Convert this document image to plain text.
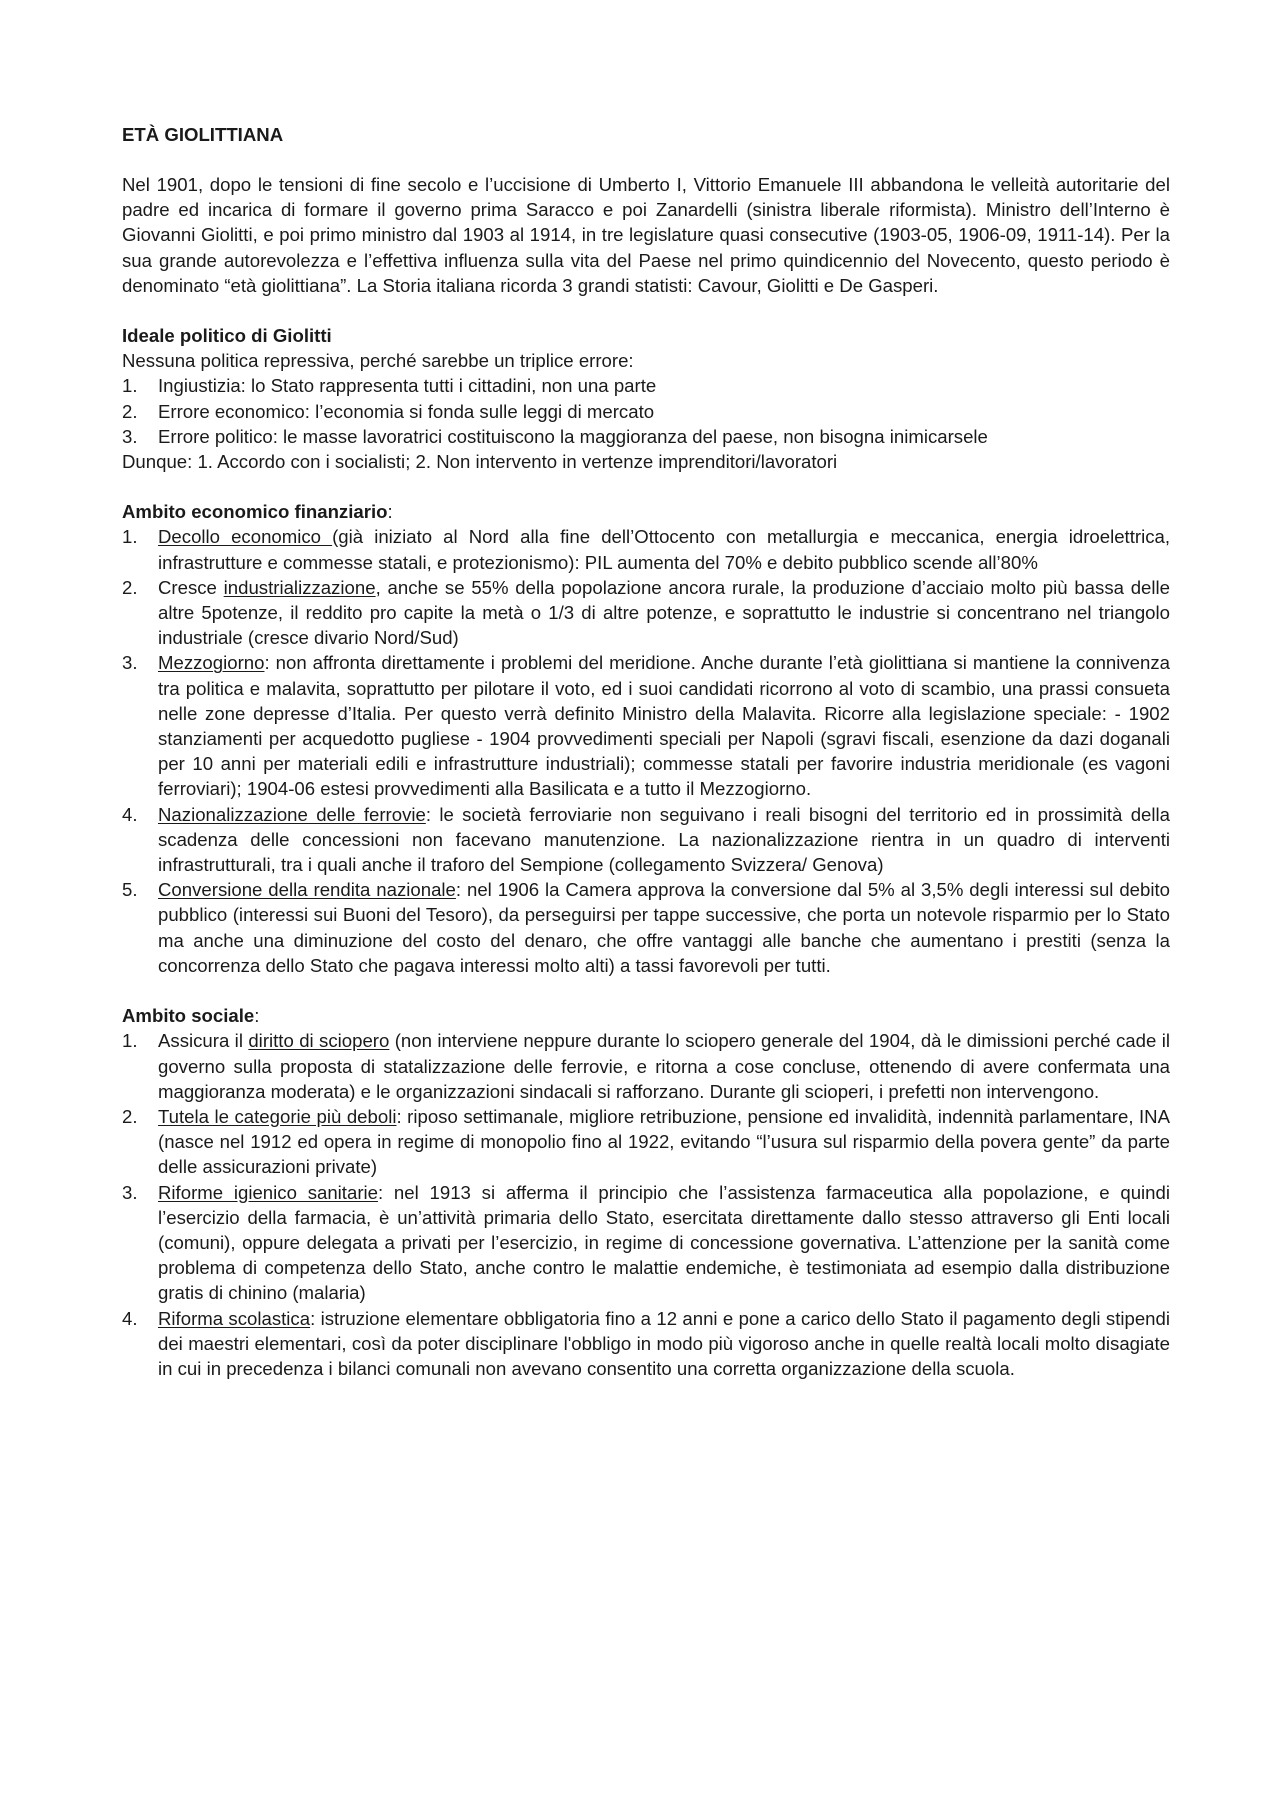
ETÀ GIOLITTIANA

Nel 1901, dopo le tensioni di fine secolo e l’uccisione di Umberto I, Vittorio Emanuele III abbandona le velleità autoritarie del padre ed incarica di formare il governo prima Saracco e poi Zanardelli (sinistra liberale riformista). Ministro dell’Interno è Giovanni Giolitti, e poi primo ministro dal 1903 al 1914, in tre legislature quasi consecutive (1903-05, 1906-09, 1911-14). Per la sua grande autorevolezza e l’effettiva influenza sulla vita del Paese nel primo quindicennio del Novecento, questo periodo è denominato “età giolittiana”. La Storia italiana ricorda 3 grandi statisti: Cavour, Giolitti e De Gasperi.

Ideale politico di Giolitti

Nessuna politica repressiva, perché sarebbe un triplice errore:

1. Ingiustizia: lo Stato rappresenta tutti i cittadini, non una parte
2. Errore economico: l’economia si fonda sulle leggi di mercato
3. Errore politico: le masse lavoratrici costituiscono la maggioranza del paese, non bisogna inimicarsele

Dunque: 1. Accordo con i socialisti; 2. Non intervento in vertenze imprenditori/lavoratori

Ambito economico finanziario:

1. Decollo economico (già iniziato al Nord alla fine dell’Ottocento con metallurgia e meccanica, energia idroelettrica, infrastrutture e commesse statali, e protezionismo): PIL aumenta del 70% e debito pubblico scende all’80%
2. Cresce industrializzazione, anche se 55% della popolazione ancora rurale, la produzione d’acciaio molto più bassa delle altre 5potenze, il reddito pro capite la metà o 1/3 di altre potenze, e soprattutto le industrie si concentrano nel triangolo industriale (cresce divario Nord/Sud)
3. Mezzogiorno: non affronta direttamente i problemi del meridione. Anche durante l’età giolittiana si mantiene la connivenza tra politica e malavita, soprattutto per pilotare il voto, ed i suoi candidati ricorrono al voto di scambio, una prassi consueta nelle zone depresse d’Italia. Per questo verrà definito Ministro della Malavita. Ricorre alla legislazione speciale: - 1902 stanziamenti per acquedotto pugliese - 1904 provvedimenti speciali per Napoli (sgravi fiscali, esenzione da dazi doganali per 10 anni per materiali edili e infrastrutture industriali); commesse statali per favorire industria meridionale (es vagoni ferroviari); 1904-06 estesi provvedimenti alla Basilicata e a tutto il Mezzogiorno.
4. Nazionalizzazione delle ferrovie: le società ferroviarie non seguivano i reali bisogni del territorio ed in prossimità della scadenza delle concessioni non facevano manutenzione. La nazionalizzazione rientra in un quadro di interventi infrastrutturali, tra i quali anche il traforo del Sempione (collegamento Svizzera/ Genova)
5. Conversione della rendita nazionale: nel 1906 la Camera approva la conversione dal 5% al 3,5% degli interessi sul debito pubblico (interessi sui Buoni del Tesoro), da perseguirsi per tappe successive, che porta un notevole risparmio per lo Stato ma anche una diminuzione del costo del denaro, che offre vantaggi alle banche che aumentano i prestiti (senza la concorrenza dello Stato che pagava interessi molto alti) a tassi favorevoli per tutti.

Ambito sociale:

1. Assicura il diritto di sciopero (non interviene neppure durante lo sciopero generale del 1904, dà le dimissioni perché cade il governo sulla proposta di statalizzazione delle ferrovie, e ritorna a cose concluse, ottenendo di avere confermata una maggioranza moderata) e le organizzazioni sindacali si rafforzano. Durante gli scioperi, i prefetti non intervengono.
2. Tutela le categorie più deboli: riposo settimanale, migliore retribuzione, pensione ed invalidità, indennità parlamentare, INA (nasce nel 1912 ed opera in regime di monopolio fino al 1922, evitando “l’usura sul risparmio della povera gente” da parte delle assicurazioni private)
3. Riforme igienico sanitarie: nel 1913 si afferma il principio che l’assistenza farmaceutica alla popolazione, e quindi l’esercizio della farmacia, è un’attività primaria dello Stato, esercitata direttamente dallo stesso attraverso gli Enti locali (comuni), oppure delegata a privati per l’esercizio, in regime di concessione governativa. L’attenzione per la sanità come problema di competenza dello Stato, anche contro le malattie endemiche, è testimoniata ad esempio dalla distribuzione gratis di chinino (malaria)
4. Riforma scolastica: istruzione elementare obbligatoria fino a 12 anni e pone a carico dello Stato il pagamento degli stipendi dei maestri elementari, così da poter disciplinare l'obbligo in modo più vigoroso anche in quelle realtà locali molto disagiate in cui in precedenza i bilanci comunali non avevano consentito una corretta organizzazione della scuola.
